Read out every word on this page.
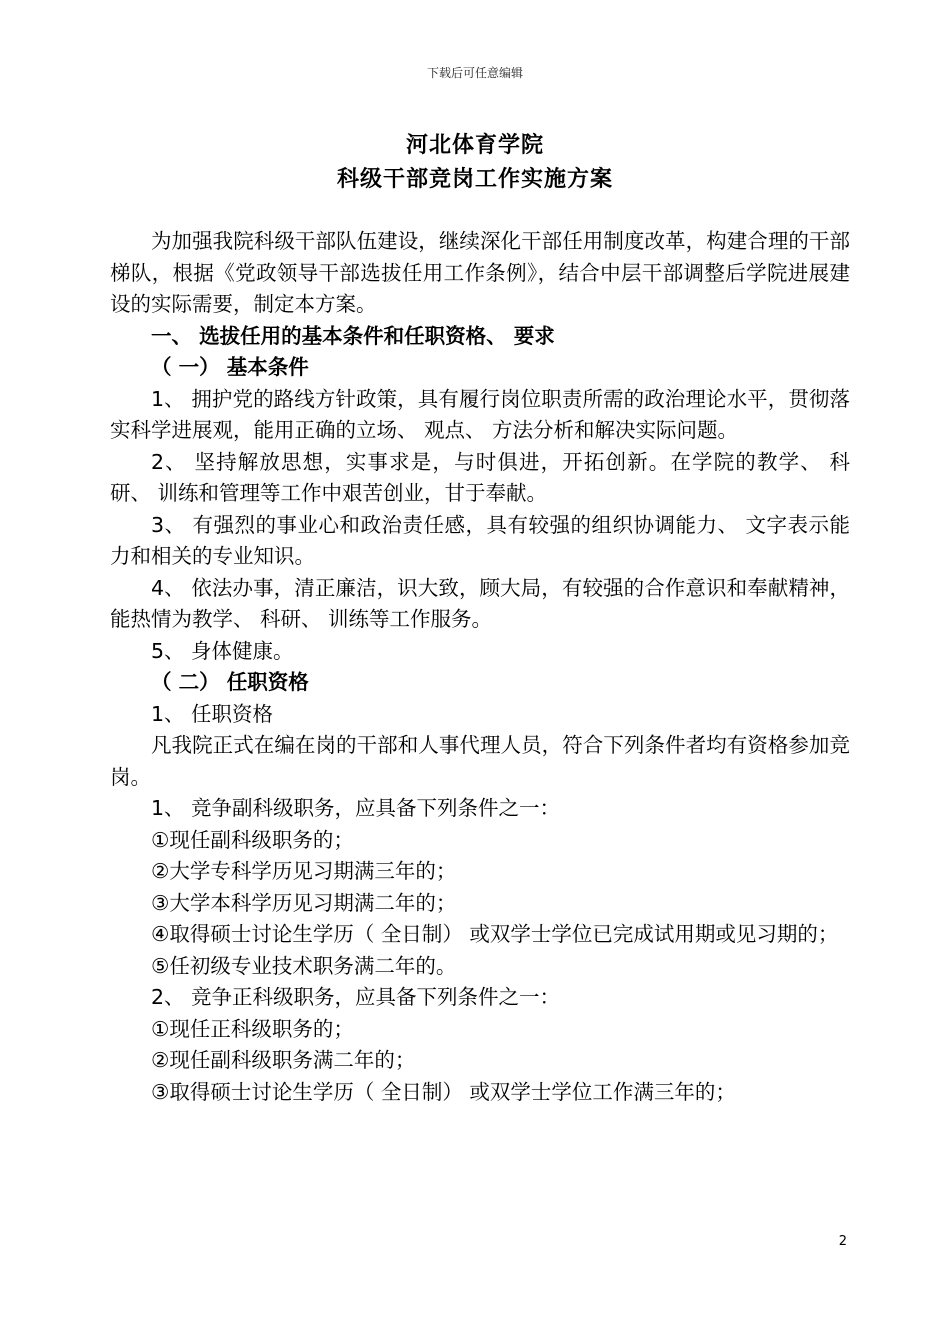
下载后可任意编辑
河北体育学院
科级干部竞岗工作实施方案

为加强我院科级干部队伍建设，继续深化干部任用制度改革，构建合理的干部梯队，根据《党政领导干部选拔任用工作条例》，结合中层干部调整后学院进展建设的实际需要，制定本方案。

一、 选拔任用的基本条件和任职资格、 要求

（ 一） 基本条件

1、 拥护党的路线方针政策，具有履行岗位职责所需的政治理论水平，贯彻落实科学进展观，能用正确的立场、 观点、 方法分析和解决实际问题。

2、 坚持解放思想，实事求是，与时俱进，开拓创新。在学院的教学、 科研、 训练和管理等工作中艰苦创业，甘于奉献。

3、 有强烈的事业心和政治责任感，具有较强的组织协调能力、 文字表示能力和相关的专业知识。

4、 依法办事，清正廉洁，识大致，顾大局，有较强的合作意识和奉献精神，能热情为教学、 科研、 训练等工作服务。

5、 身体健康。

（ 二） 任职资格

1、 任职资格

凡我院正式在编在岗的干部和人事代理人员，符合下列条件者均有资格参加竞岗。

1、 竞争副科级职务，应具备下列条件之一：

①现任副科级职务的；

②大学专科学历见习期满三年的；

③大学本科学历见习期满二年的；

④取得硕士讨论生学历（ 全日制） 或双学士学位已完成试用期或见习期的；

⑤任初级专业技术职务满二年的。

2、 竞争正科级职务，应具备下列条件之一：

①现任正科级职务的；

②现任副科级职务满二年的；

③取得硕士讨论生学历（ 全日制） 或双学士学位工作满三年的；

2
